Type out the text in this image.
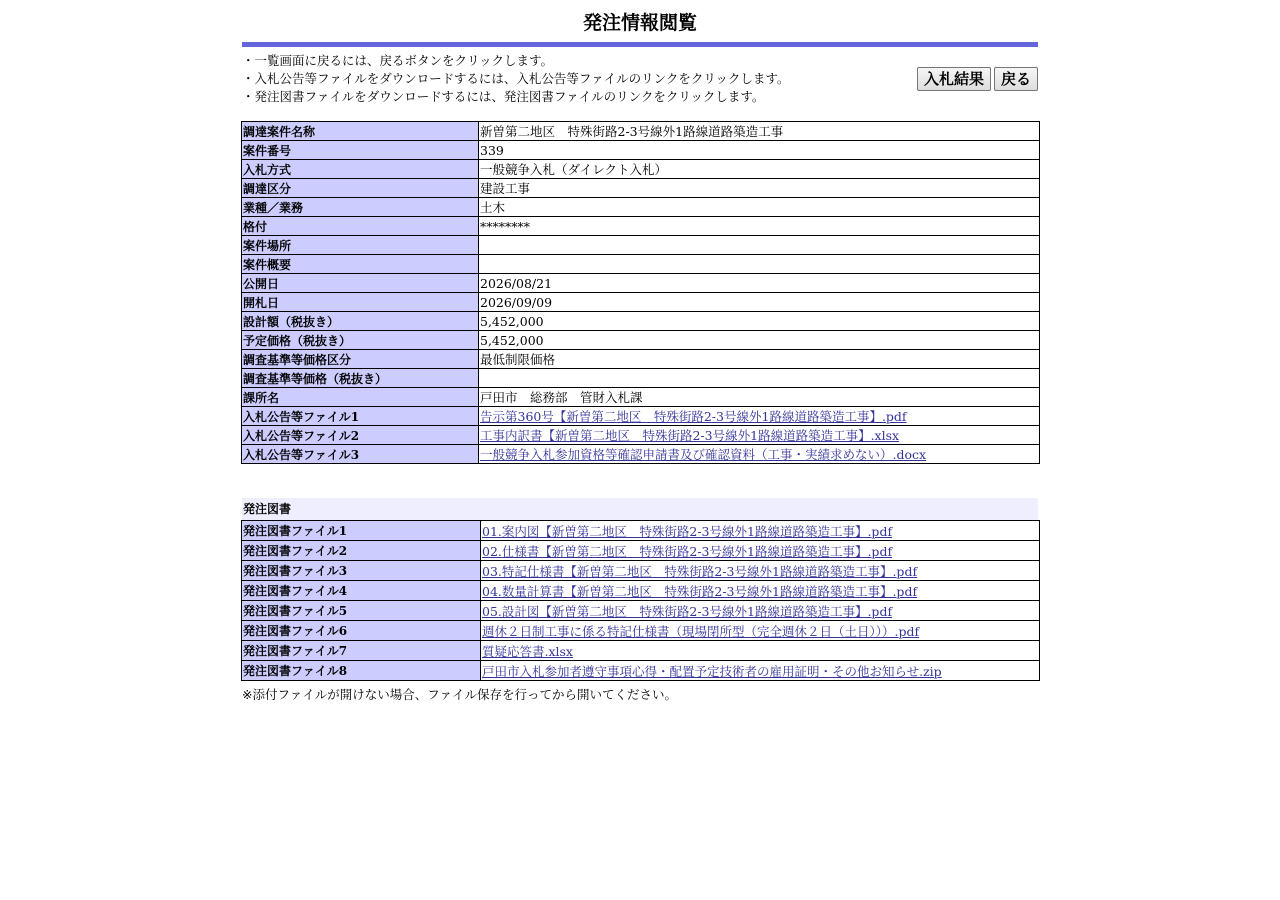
発注情報閲覧
・一覧画面に戻るには、戻るボタンをクリックします。
・入札公告等ファイルをダウンロードするには、入札公告等ファイルのリンクをクリックします。
・発注図書ファイルをダウンロードするには、発注図書ファイルのリンクをクリックします。
入札結果	戻る
調達案件名称	新曽第二地区　特殊街路2-3号線外1路線道路築造工事
案件番号	339
入札方式	一般競争入札（ダイレクト入札）
調達区分	建設工事
業種／業務	土木
格付	********
案件場所	
案件概要	
公開日	2026/08/21
開札日	2026/09/09
設計額（税抜き）	5,452,000
予定価格（税抜き）	5,452,000
調査基準等価格区分	最低制限価格
調査基準等価格（税抜き）	
課所名	戸田市　総務部　管財入札課
入札公告等ファイル1	告示第360号【新曽第二地区　特殊街路2-3号線外1路線道路築造工事】.pdf
入札公告等ファイル2	工事内訳書【新曽第二地区　特殊街路2-3号線外1路線道路築造工事】.xlsx
入札公告等ファイル3	一般競争入札参加資格等確認申請書及び確認資料（工事・実績求めない）.docx
発注図書
発注図書ファイル1	01.案内図【新曽第二地区　特殊街路2-3号線外1路線道路築造工事】.pdf
発注図書ファイル2	02.仕様書【新曽第二地区　特殊街路2-3号線外1路線道路築造工事】.pdf
発注図書ファイル3	03.特記仕様書【新曽第二地区　特殊街路2-3号線外1路線道路築造工事】.pdf
発注図書ファイル4	04.数量計算書【新曽第二地区　特殊街路2-3号線外1路線道路築造工事】.pdf
発注図書ファイル5	05.設計図【新曽第二地区　特殊街路2-3号線外1路線道路築造工事】.pdf
発注図書ファイル6	週休２日制工事に係る特記仕様書（現場閉所型（完全週休２日（土日）））.pdf
発注図書ファイル7	質疑応答書.xlsx
発注図書ファイル8	戸田市入札参加者遵守事項心得・配置予定技術者の雇用証明・その他お知らせ.zip
※添付ファイルが開けない場合、ファイル保存を行ってから開いてください。
